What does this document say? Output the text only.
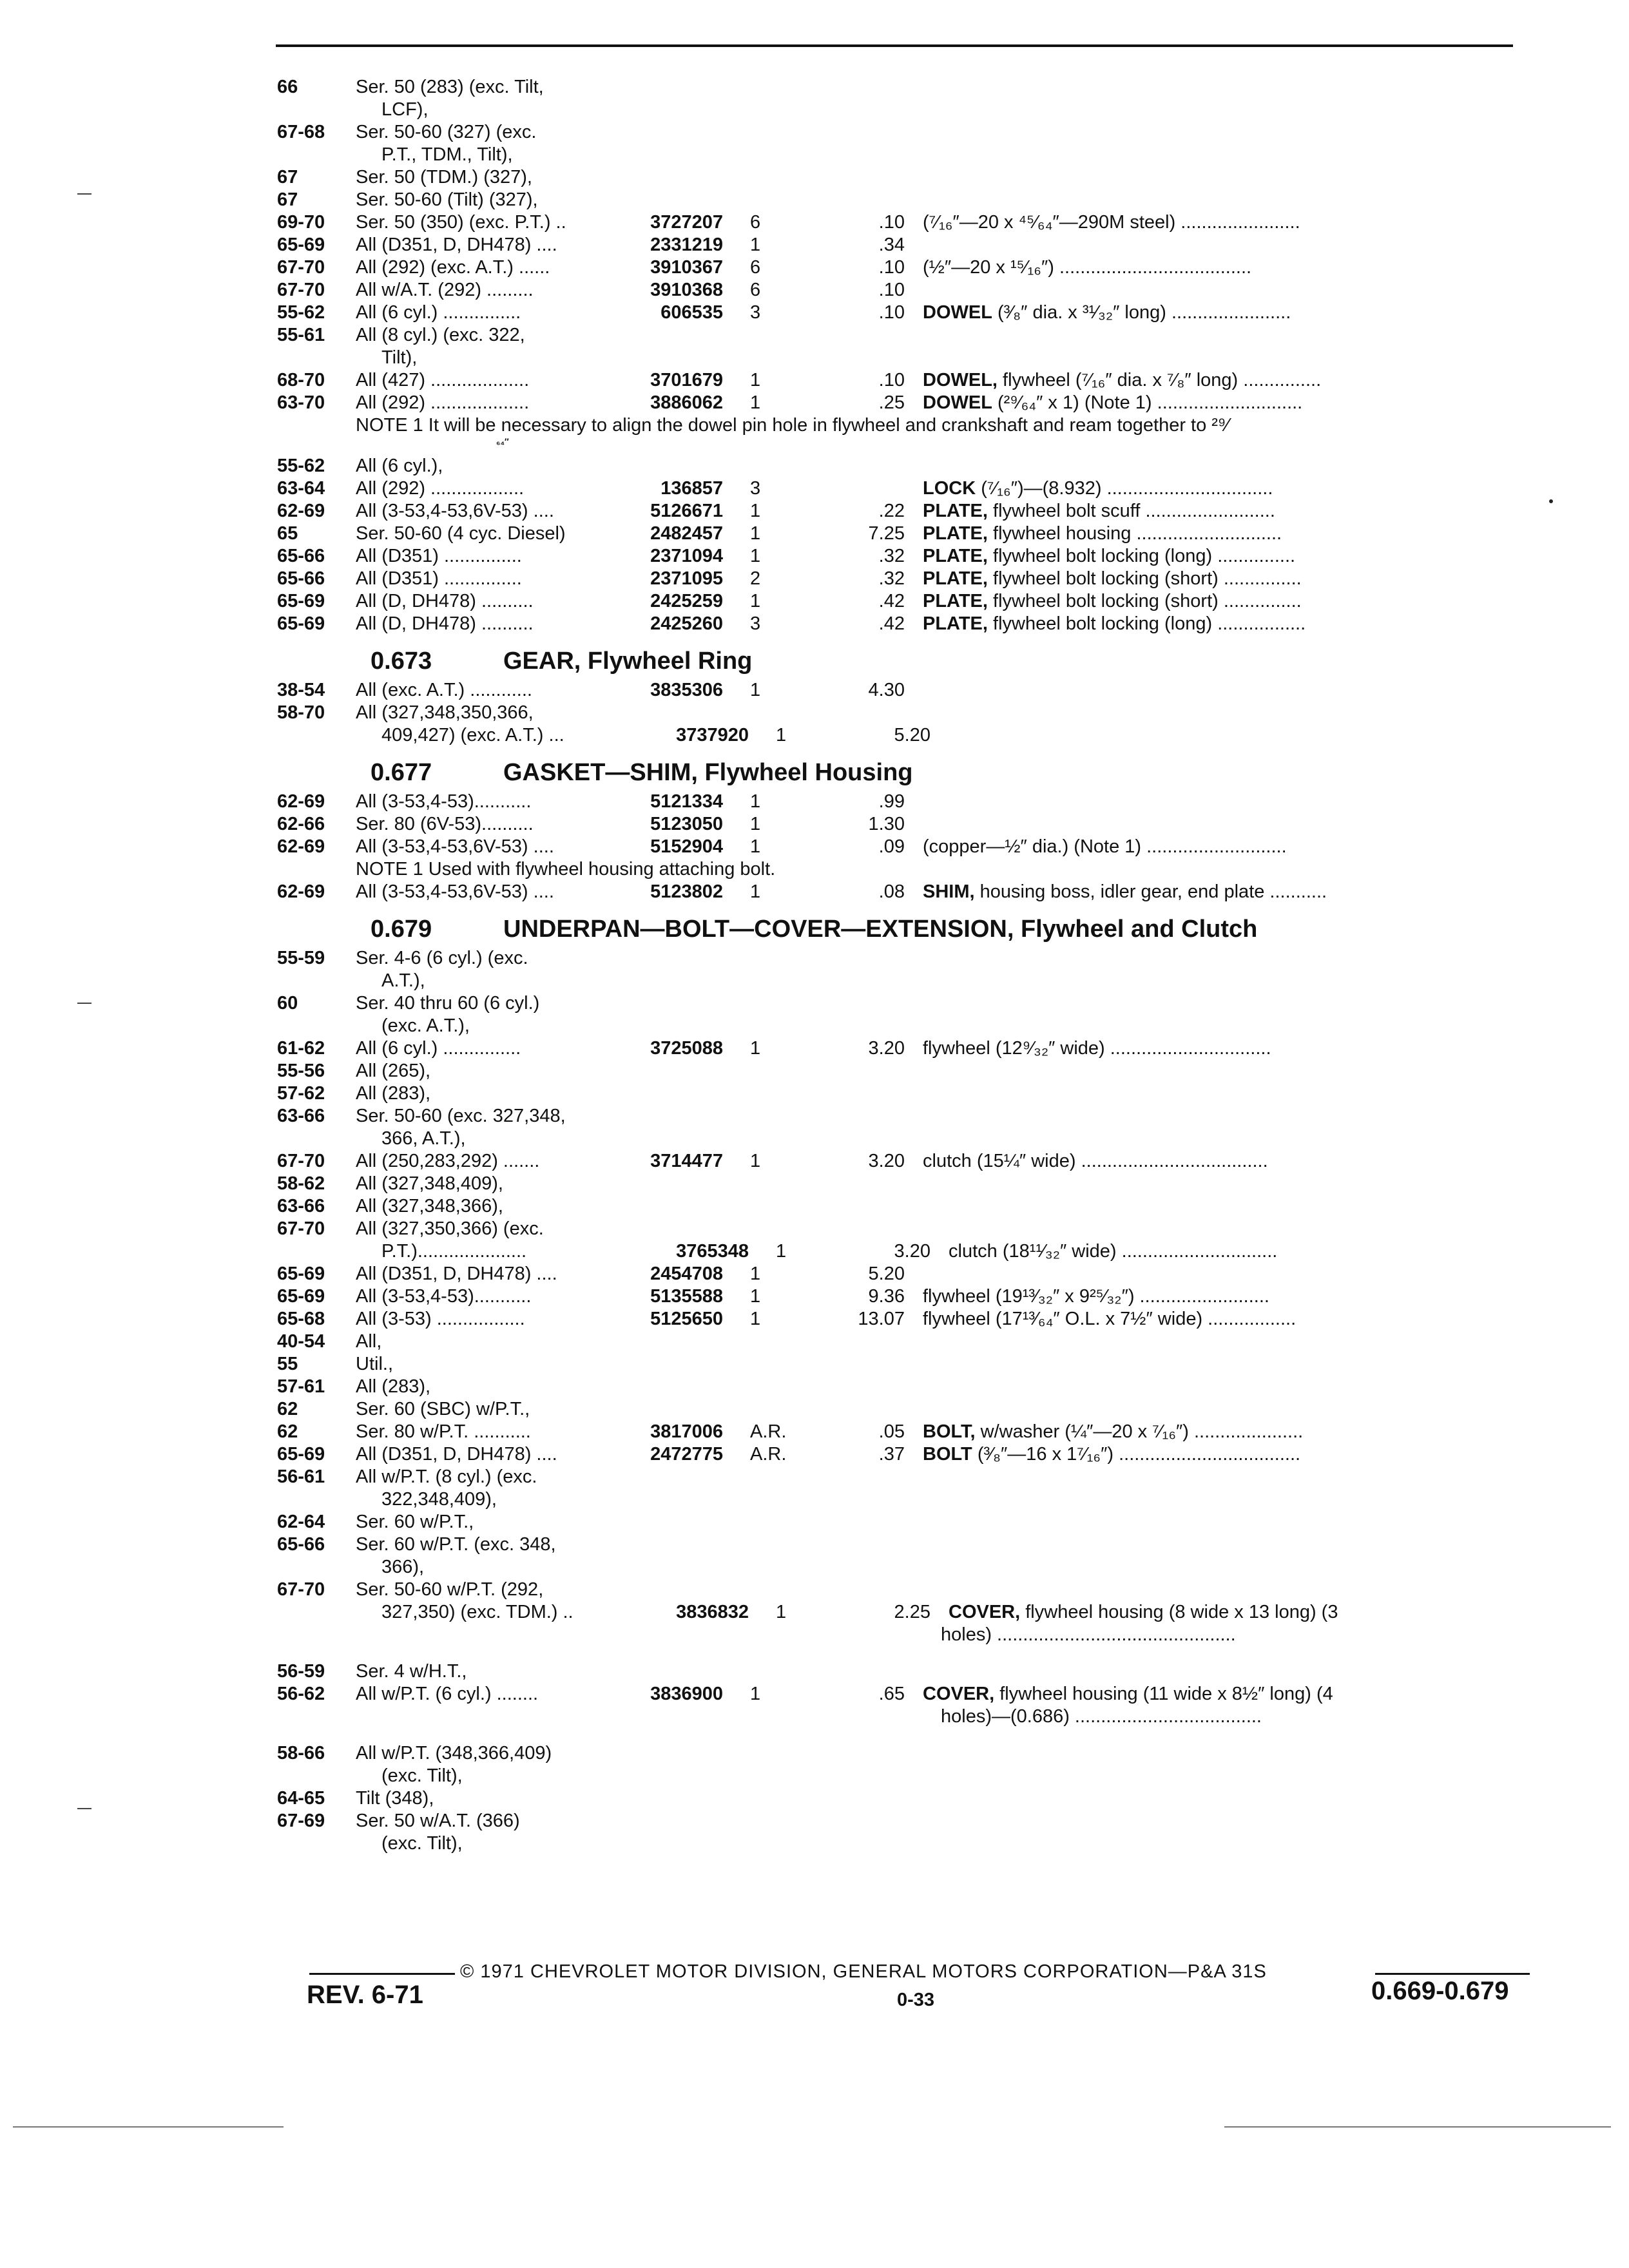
66	Ser. 50 (283) (exc. Tilt,
LCF),
67-68	Ser. 50-60 (327) (exc.
P.T., TDM., Tilt),
67	Ser. 50 (TDM.) (327),
67	Ser. 50-60 (Tilt) (327),
69-70	Ser. 50 (350) (exc. P.T.) ..	3727207	6	.10 (⁷⁄₁₆″—20 x ⁴⁵⁄₆₄″—290M steel) .......................
65-69	All (D351, D, DH478) ....	2331219	1	.34
67-70	All (292) (exc. A.T.) ......	3910367	6	.10 (½″—20 x ¹⁵⁄₁₆″) .....................................
67-70	All w/A.T. (292) .........	3910368	6	.10
55-62	All (6 cyl.) ...............	606535	3	.10 DOWEL (³⁄₈″ dia. x ³¹⁄₃₂″ long) .......................
55-61	All (8 cyl.) (exc. 322,
Tilt),
68-70	All (427) ...................	3701679	1	.10 DOWEL, flywheel (⁷⁄₁₆″ dia. x ⁷⁄₈″ long) ...............
63-70	All (292) ...................	3886062	1	.25 DOWEL (²⁹⁄₆₄″ x 1) (Note 1) ............................
NOTE 1 It will be necessary to align the dowel pin hole in flywheel and crankshaft and ream together to ²⁹⁄
₆₄″
55-62	All (6 cyl.),
63-64	All (292) ..................	136857	3	LOCK (⁷⁄₁₆″)—(8.932) ................................
62-69	All (3-53,4-53,6V-53) ....	5126671	1	.22 PLATE, flywheel bolt scuff .........................
65	Ser. 50-60 (4 cyc. Diesel)	2482457	1	7.25 PLATE, flywheel housing ............................
65-66	All (D351) ...............	2371094	1	.32 PLATE, flywheel bolt locking (long) ...............
65-66	All (D351) ...............	2371095	2	.32 PLATE, flywheel bolt locking (short) ...............
65-69	All (D, DH478) ..........	2425259	1	.42 PLATE, flywheel bolt locking (short) ...............
65-69	All (D, DH478) ..........	2425260	3	.42 PLATE, flywheel bolt locking (long) .................
0.673	GEAR, Flywheel Ring
38-54	All (exc. A.T.) ............	3835306	1	4.30
58-70	All (327,348,350,366,
409,427) (exc. A.T.) ...	3737920	1	5.20
0.677	GASKET—SHIM, Flywheel Housing
62-69	All (3-53,4-53)...........	5121334	1	.99
62-66	Ser. 80 (6V-53)..........	5123050	1	1.30
62-69	All (3-53,4-53,6V-53) ....	5152904	1	.09 (copper—½″ dia.) (Note 1) ...........................
NOTE 1 Used with flywheel housing attaching bolt.
62-69	All (3-53,4-53,6V-53) ....	5123802	1	.08 SHIM, housing boss, idler gear, end plate ...........
0.679	UNDERPAN—BOLT—COVER—EXTENSION, Flywheel and Clutch
55-59	Ser. 4-6 (6 cyl.) (exc.
A.T.),
60	Ser. 40 thru 60 (6 cyl.)
(exc. A.T.),
61-62	All (6 cyl.) ...............	3725088	1	3.20 flywheel (12⁹⁄₃₂″ wide) ...............................
55-56	All (265),
57-62	All (283),
63-66	Ser. 50-60 (exc. 327,348,
366, A.T.),
67-70	All (250,283,292) .......	3714477	1	3.20 clutch (15¼″ wide) ....................................
58-62	All (327,348,409),
63-66	All (327,348,366),
67-70	All (327,350,366) (exc.
P.T.).....................	3765348	1	3.20 clutch (18¹¹⁄₃₂″ wide) ..............................
65-69	All (D351, D, DH478) ....	2454708	1	5.20
65-69	All (3-53,4-53)...........	5135588	1	9.36 flywheel (19¹³⁄₃₂″ x 9²⁵⁄₃₂″) .........................
65-68	All (3-53) .................	5125650	1	13.07 flywheel (17¹³⁄₆₄″ O.L. x 7½″ wide) .................
40-54	All,
55	Util.,
57-61	All (283),
62	Ser. 60 (SBC) w/P.T.,
62	Ser. 80 w/P.T. ...........	3817006	A.R.	.05 BOLT, w/washer (¼″—20 x ⁷⁄₁₆″) .....................
65-69	All (D351, D, DH478) ....	2472775	A.R.	.37 BOLT (³⁄₈″—16 x 1⁷⁄₁₆″) ...................................
56-61	All w/P.T. (8 cyl.) (exc.
322,348,409),
62-64	Ser. 60 w/P.T.,
65-66	Ser. 60 w/P.T. (exc. 348,
366),
67-70	Ser. 50-60 w/P.T. (292,
327,350) (exc. TDM.) ..	3836832	1	2.25 COVER, flywheel housing (8 wide x 13 long) (3
holes) ..............................................
56-59	Ser. 4 w/H.T.,
56-62	All w/P.T. (6 cyl.) ........	3836900	1	.65 COVER, flywheel housing (11 wide x 8½″ long) (4
holes)—(0.686) ....................................
58-66	All w/P.T. (348,366,409)
(exc. Tilt),
64-65	Tilt (348),
67-69	Ser. 50 w/A.T. (366)
(exc. Tilt),
© 1971 CHEVROLET MOTOR DIVISION, GENERAL MOTORS CORPORATION—P&A 31S
REV. 6-71	0-33	0.669-0.679
